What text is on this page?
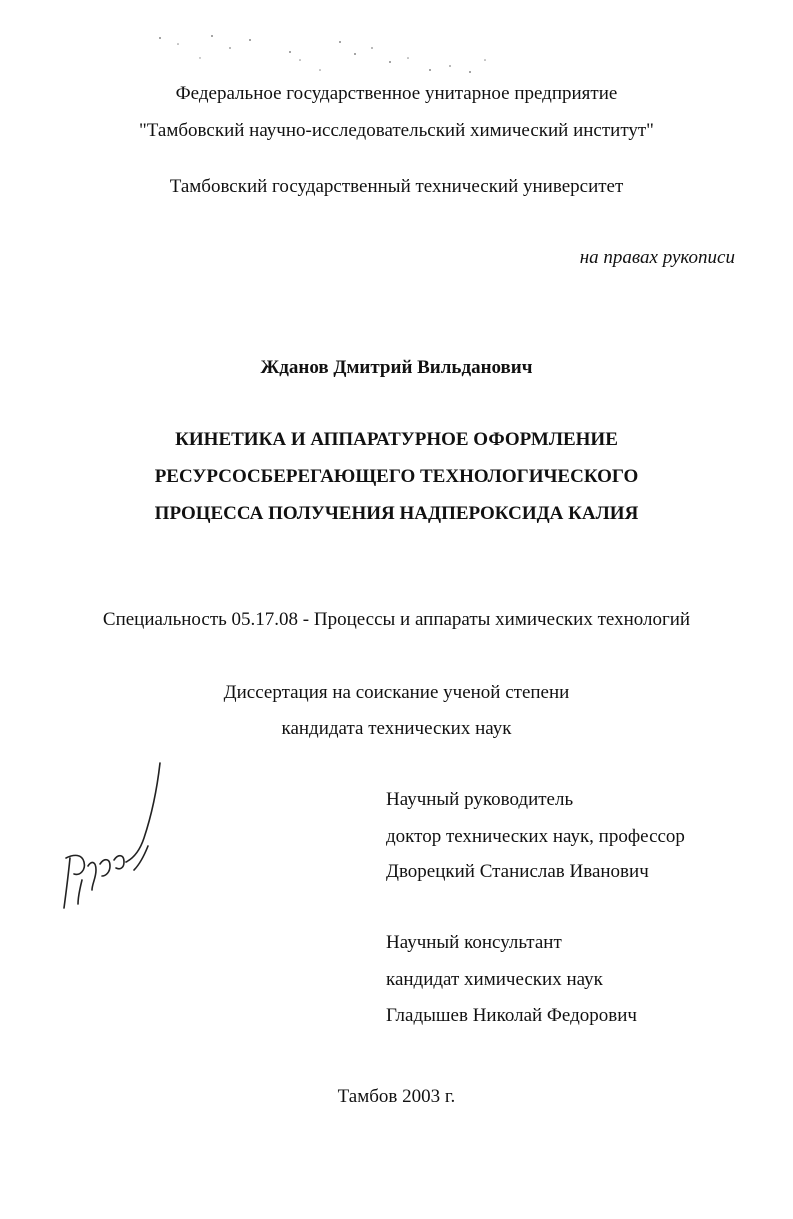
Федеральное государственное унитарное предприятие
"Тамбовский научно-исследовательский химический институт"
Тамбовский государственный технический университет
на правах рукописи
Жданов Дмитрий Вильданович
КИНЕТИКА И АППАРАТУРНОЕ ОФОРМЛЕНИЕ
РЕСУРСОСБЕРЕГАЮЩЕГО ТЕХНОЛОГИЧЕСКОГО
ПРОЦЕССА ПОЛУЧЕНИЯ НАДПЕРОКСИДА КАЛИЯ
Специальность 05.17.08 - Процессы и аппараты химических технологий
Диссертация на соискание ученой степени
кандидата технических наук
Научный руководитель
доктор технических наук, профессор
Дворецкий Станислав Иванович
Научный консультант
кандидат химических наук
Гладышев Николай Федорович
Тамбов 2003 г.
